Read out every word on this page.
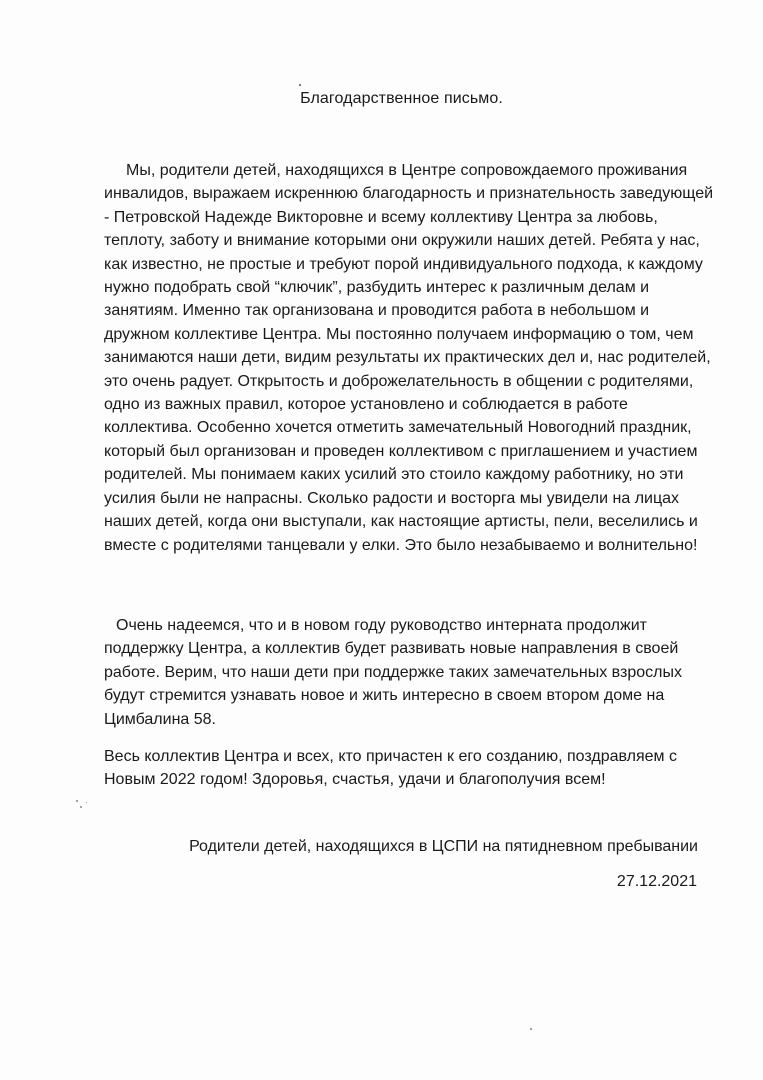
Благодарственное письмо.
Мы, родители детей, находящихся в Центре сопровождаемого проживания инвалидов, выражаем искреннюю благодарность и признательность заведующей - Петровской Надежде Викторовне и всему коллективу Центра за любовь, теплоту, заботу и внимание которыми они окружили наших детей. Ребята у нас, как известно, не простые и требуют порой индивидуального подхода, к каждому нужно подобрать свой “ключик”, разбудить интерес к различным делам и занятиям. Именно так организована и проводится работа в небольшом и дружном коллективе Центра. Мы постоянно получаем информацию о том, чем занимаются наши дети, видим результаты их практических дел и, нас родителей, это очень радует. Открытость и доброжелательность в общении с родителями, одно из важных правил, которое установлено и соблюдается в работе коллектива. Особенно хочется отметить замечательный Новогодний праздник, который был организован и проведен коллективом с приглашением и участием родителей. Мы понимаем каких усилий это стоило каждому работнику, но эти усилия были не напрасны. Сколько радости и восторга мы увидели на лицах наших детей, когда они выступали, как настоящие артисты, пели, веселились и вместе с родителями танцевали у елки. Это было незабываемо и волнительно!
Очень надеемся, что и в новом году руководство интерната продолжит поддержку Центра, а коллектив будет развивать новые направления в своей работе. Верим, что наши дети при поддержке таких замечательных взрослых будут стремится узнавать новое и жить интересно в своем втором доме на Цимбалина 58.
Весь коллектив Центра и всех, кто причастен к его созданию, поздравляем с Новым 2022 годом! Здоровья, счастья, удачи и благополучия всем!
Родители детей, находящихся в ЦСПИ на пятидневном пребывании
27.12.2021
